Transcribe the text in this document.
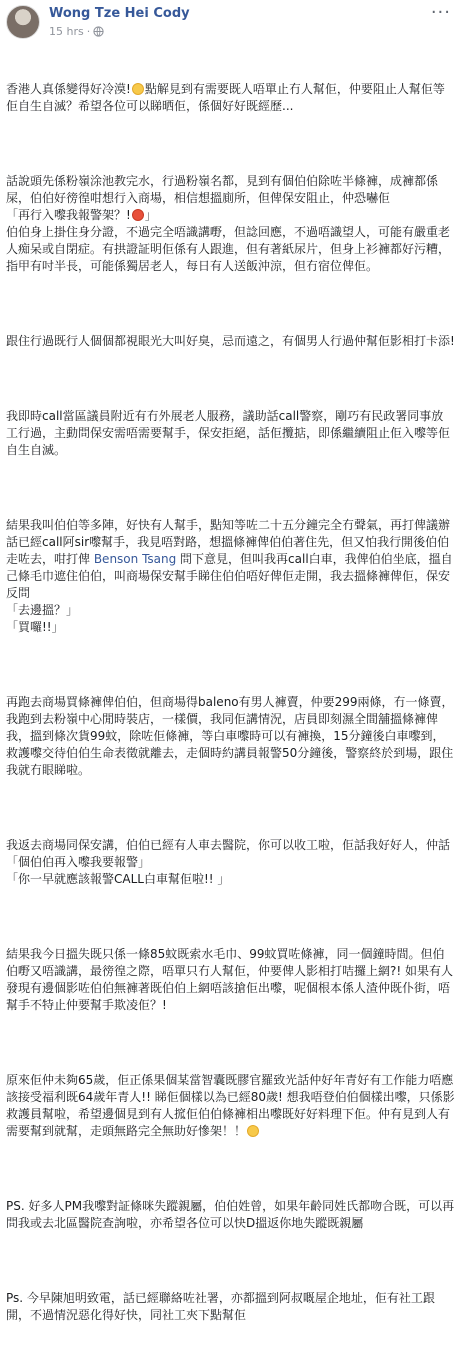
Wong Tze Hei Cody
15 hrs ·
···

香港人真係變得好冷漠! 點解見到有需要既人唔單止冇人幫佢，仲要阻止人幫佢等佢自生自滅？希望各位可以睇晒佢，係個好好既經歷...

話說頭先係粉嶺涂池教完水，行過粉嶺名都，見到有個伯伯除咗半條褲，成褲都係屎，伯伯好徬徨咁想行入商場，相信想搵廁所，但俾保安阻止，仲恐嚇佢
「再行入嚟我報警架？! 」
伯伯身上掛住身分證，不過完全唔識講嘢，但諗回應，不過唔識望人，可能有嚴重老人痴呆或自閉症。有拱證証明佢係有人跟進，但有著紙尿片，但身上衫褲都好污糟，指甲有吋半長，可能係獨居老人，每日有人送飯沖涼，但冇宿位俾佢。

跟住行過既行人個個都視眼光大叫好臭，忌而遠之，有個男人行過仲幫佢影相打卡添!

我即時call當區議員附近有冇外展老人服務，議助話call警察，剛巧有民政署同事放工行過，主動問保安需唔需要幫手，保安拒絕，話佢攬掂，即係繼續阻止佢入嚟等佢自生自滅。

結果我叫伯伯等多陣，好快有人幫手，點知等咗二十五分鐘完全冇聲氣，再打俾議辦話已經call阿sir嚟幫手，我見唔對路，想搵條褲俾伯伯著住先，但又怕我行開後伯伯走咗去，咁打俾 Benson Tsang 問下意見，但叫我再call白車，我俾伯伯坐底，搵自己條毛巾遮住伯伯，叫商場保安幫手睇住伯伯唔好俾佢走開，我去搵條褲俾佢，保安反問
「去邊搵？」
「買囉!!」

再跑去商場買條褲俾伯伯，但商場得baleno有男人褲賣，仲要299兩條，冇一條賣，我跑到去粉嶺中心閒時裝店，一樣價，我同佢講情況，店員即刻濕全間舖搵條褲俾我，搵到條次貨99蚊，除咗佢條褲，等白車嚟時可以有褲換，15分鐘後白車嚟到，救護嚟交待伯伯生命表徵就離去，走個時約講員報警50分鐘後，警察終於到場，跟住我就冇眼睇啦。

我返去商場同保安講，伯伯已經有人車去醫院，你可以收工啦，佢話我好好人，仲話
「個伯伯再入嚟我要報警」
「你一早就應該報警CALL白車幫佢啦!! 」

結果我今日搵失既只係一條85蚊既索水毛巾、99蚊買咗條褲，同一個鐘時間。但伯伯嘢又唔識講，最徬徨之際，唔單只冇人幫佢，仲要俾人影相打咭攞上網?! 如果有人發現有邊個影咗伯伯無褲著既伯伯上網唔該搶佢出嚟，呢個根本係人渣仲既仆街，唔幫手不特止仲要幫手欺凌佢？!

原來佢仲未夠65歲，佢正係果個某當智囊既膠官羅致光話仲好年青好有工作能力唔應該接受福利既64歲年青人!! 睇佢個樣以為已經80歲! 想我唔登伯伯個樣出嚟，只係影救護員幫啦，希望邊個見到有人搲佢伯伯條褲相出嚟既好好料理下佢。仲有見到人有需要幫到就幫，走頭無路完全無助好慘架！！

PS. 好多人PM我嚟對証條咪失蹤親屬，伯伯姓曾，如果年齡同姓氏都吻合既，可以再問我或去北區醫院查詢啦，亦希望各位可以快D搵返你地失蹤既親屬

Ps. 今早陳旭明致電，話已經聯絡咗社署，亦都搵到阿叔嘅屋企地址，佢有社工跟開，不過情況惡化得好快，同社工夾下點幫佢
